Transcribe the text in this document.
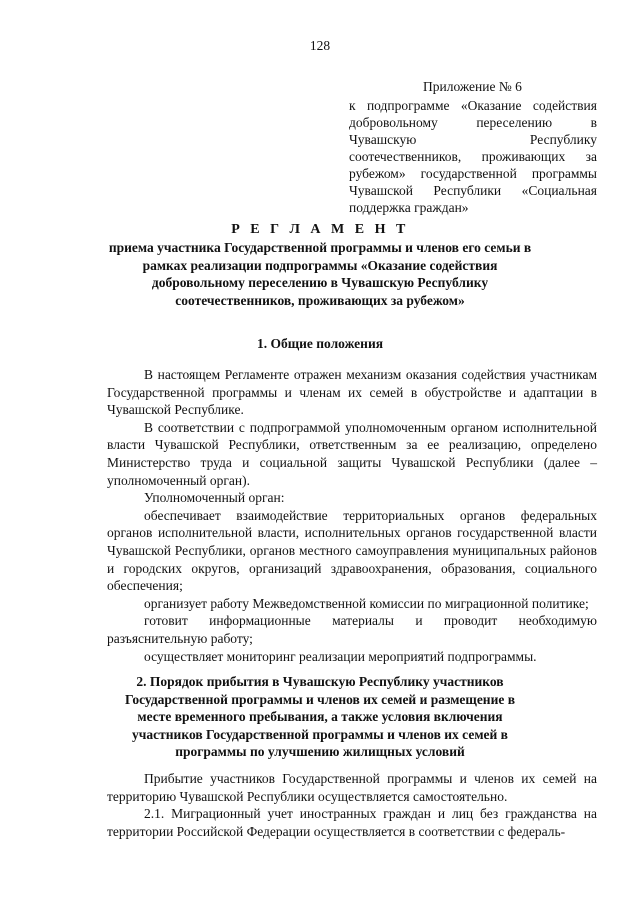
128
Приложение № 6
к подпрограмме «Оказание содействия добровольному переселению в Чувашскую Республику соотечественников, проживающих за рубежом» государственной программы Чувашской Республики «Социальная поддержка граждан»
Р Е Г Л А М Е Н Т
приема участника Государственной программы и членов его семьи в рамках реализации подпрограммы «Оказание содействия добровольному переселению в Чувашскую Республику соотечественников, проживающих за рубежом»
1. Общие положения

В настоящем Регламенте отражен механизм оказания содействия участникам Государственной программы и членам их семей в обустройстве и адаптации в Чувашской Республике.

В соответствии с подпрограммой уполномоченным органом исполнительной власти Чувашской Республики, ответственным за ее реализацию, определено Министерство труда и социальной защиты Чувашской Республики (далее – уполномоченный орган).

Уполномоченный орган:

обеспечивает взаимодействие территориальных органов федеральных органов исполнительной власти, исполнительных органов государственной власти Чувашской Республики, органов местного самоуправления муниципальных районов и городских округов, организаций здравоохранения, образования, социального обеспечения;

организует работу Межведомственной комиссии по миграционной политике;

готовит информационные материалы и проводит необходимую разъяснительную работу;

осуществляет мониторинг реализации мероприятий подпрограммы.

2. Порядок прибытия в Чувашскую Республику участников Государственной программы и членов их семей и размещение в месте временного пребывания, а также условия включения участников Государственной программы и членов их семей в программы по улучшению жилищных условий

Прибытие участников Государственной программы и членов их семей на территорию Чувашской Республики осуществляется самостоятельно.

2.1. Миграционный учет иностранных граждан и лиц без гражданства на территории Российской Федерации осуществляется в соответствии с федераль-
